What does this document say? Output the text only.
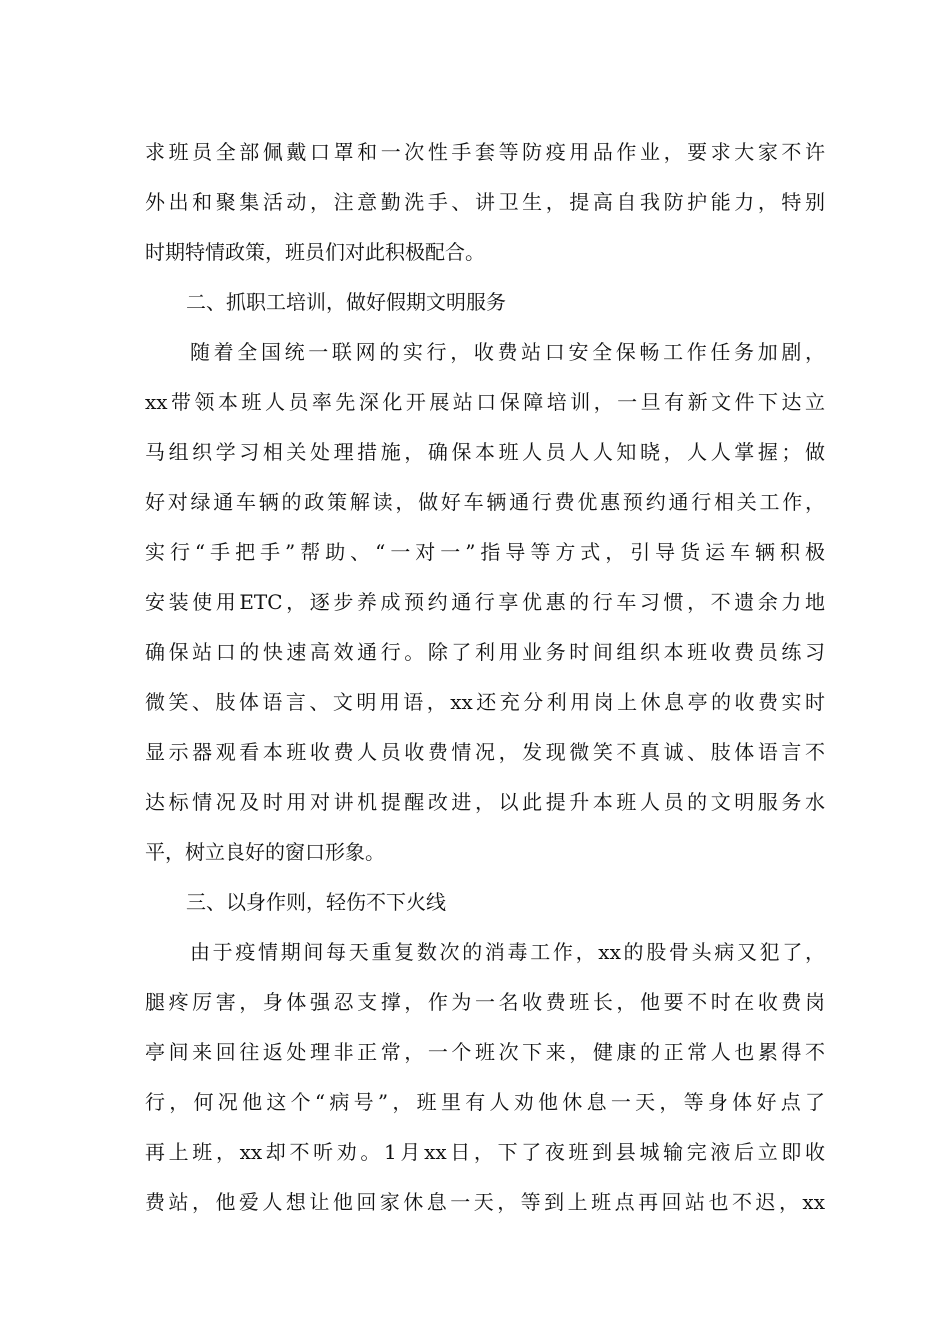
求班员全部佩戴口罩和一次性手套等防疫用品作业，要求大家不许
外出和聚集活动，注意勤洗手、讲卫生，提高自我防护能力，特别
时期特情政策，班员们对此积极配合。
二、抓职工培训，做好假期文明服务
随着全国统一联网的实行，收费站口安全保畅工作任务加剧，
xx带领本班人员率先深化开展站口保障培训，一旦有新文件下达立
马组织学习相关处理措施，确保本班人员人人知晓，人人掌握；做
好对绿通车辆的政策解读，做好车辆通行费优惠预约通行相关工作，
实行“手把手”帮助、“一对一”指导等方式，引导货运车辆积极
安装使用ETC，逐步养成预约通行享优惠的行车习惯，不遗余力地
确保站口的快速高效通行。除了利用业务时间组织本班收费员练习
微笑、肢体语言、文明用语，xx还充分利用岗上休息亭的收费实时
显示器观看本班收费人员收费情况，发现微笑不真诚、肢体语言不
达标情况及时用对讲机提醒改进，以此提升本班人员的文明服务水
平，树立良好的窗口形象。
三、以身作则，轻伤不下火线
由于疫情期间每天重复数次的消毒工作，xx的股骨头病又犯了，
腿疼厉害，身体强忍支撑，作为一名收费班长，他要不时在收费岗
亭间来回往返处理非正常，一个班次下来，健康的正常人也累得不
行，何况他这个“病号”，班里有人劝他休息一天，等身体好点了
再上班，xx却不听劝。1月xx日，下了夜班到县城输完液后立即收
费站，他爱人想让他回家休息一天，等到上班点再回站也不迟，xx
